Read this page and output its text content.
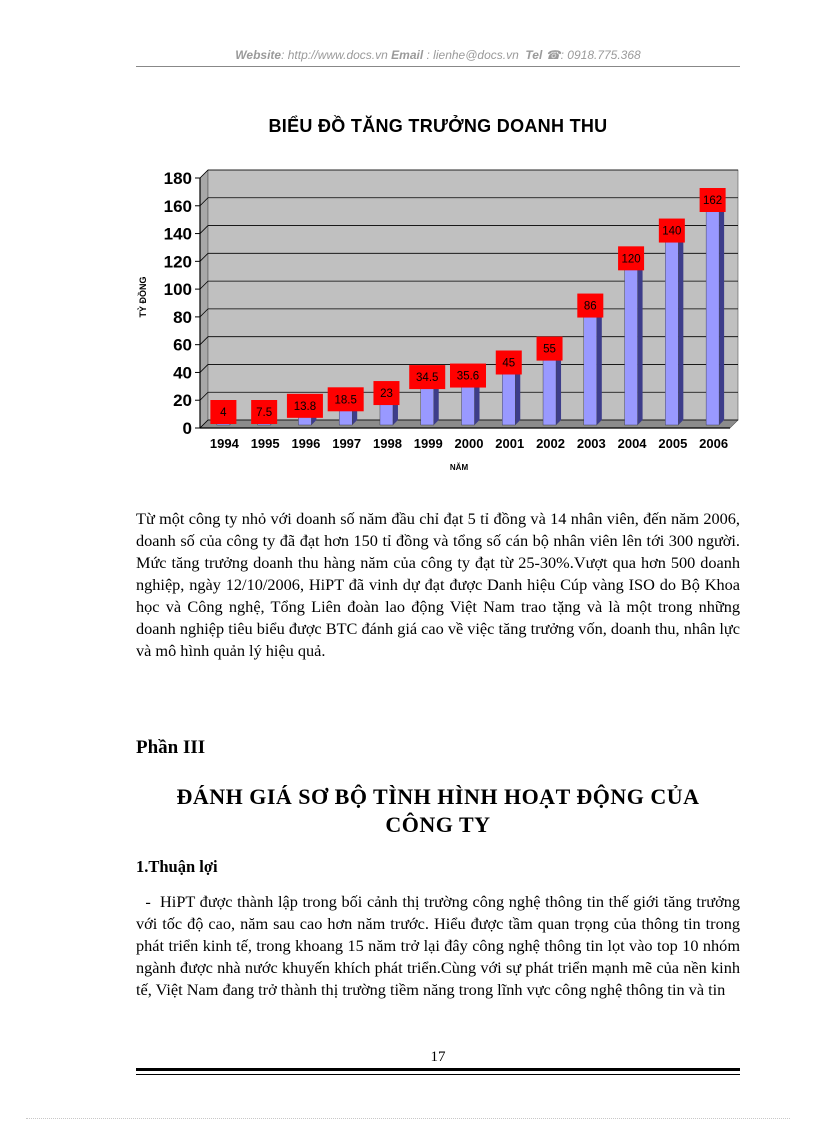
Website: http://www.docs.vn Email : lienhe@docs.vn Tel ☎: 0918.775.368
BIỂU ĐỒ TĂNG TRƯỞNG DOANH THU
0
20
40
60
80
100
120
140
160
180
4
1994
7.5
1995
13.8
1996
18.5
1997
23
1998
34.5
1999
35.6
2000
45
2001
55
2002
86
2003
120
2004
140
2005
162
2006
NĂM
TỶ ĐỒNG
Từ một công ty nhỏ với doanh số năm đầu chỉ đạt 5 tỉ đồng và 14 nhân viên, đến năm 2006, doanh số của công ty đã đạt hơn 150 tỉ đồng và tổng số cán bộ nhân viên lên tới 300 người. Mức tăng trưởng doanh thu hàng năm của công ty đạt từ 25-30%.Vượt qua hơn 500 doanh nghiệp, ngày 12/10/2006, HiPT đã vinh dự đạt được Danh hiệu Cúp vàng ISO do Bộ Khoa học và Công nghệ, Tổng Liên đoàn lao động Việt Nam trao tặng và là một trong những doanh nghiệp tiêu biểu được BTC đánh giá cao về việc tăng trưởng vốn, doanh thu, nhân lực và mô hình quản lý hiệu quả.
Phần III
ĐÁNH GIÁ SƠ BỘ TÌNH HÌNH HOẠT ĐỘNG CỦA
CÔNG TY
1.Thuận lợi
-  HiPT được thành lập trong bối cảnh thị trường công nghệ thông tin thế giới tăng trưởng với tốc độ cao, năm sau cao hơn năm trước. Hiểu được tầm quan trọng của thông tin trong phát triển kinh tế, trong khoang 15 năm trở lại đây công nghệ thông tin lọt vào top 10 nhóm ngành được nhà nước khuyến khích phát triển.Cùng với sự phát triển mạnh mẽ của nền kinh tế, Việt Nam đang trở thành thị trường tiềm năng trong lĩnh vực công nghệ thông tin và tin
17
